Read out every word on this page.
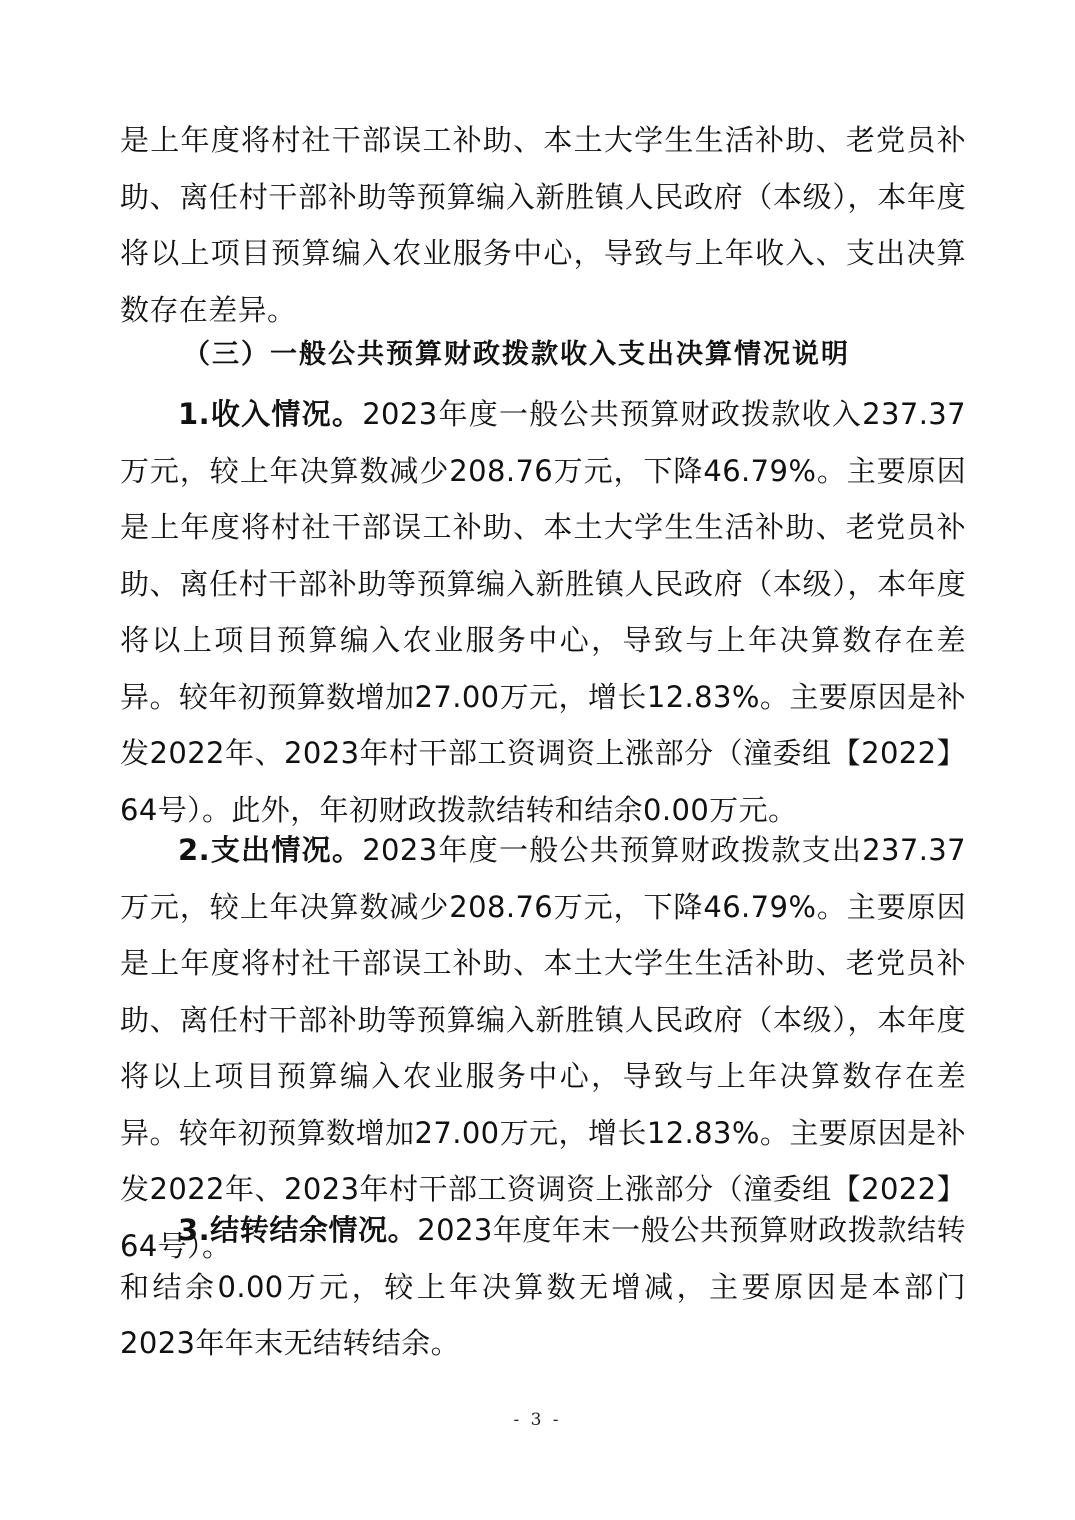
是上年度将村社干部误工补助、本土大学生生活补助、老党员补助、离任村干部补助等预算编入新胜镇人民政府（本级），本年度将以上项目预算编入农业服务中心，导致与上年收入、支出决算数存在差异。

（三）一般公共预算财政拨款收入支出决算情况说明

1.收入情况。2023年度一般公共预算财政拨款收入237.37万元，较上年决算数减少208.76万元，下降46.79%。主要原因是上年度将村社干部误工补助、本土大学生生活补助、老党员补助、离任村干部补助等预算编入新胜镇人民政府（本级），本年度将以上项目预算编入农业服务中心，导致与上年决算数存在差异。较年初预算数增加27.00万元，增长12.83%。主要原因是补发2022年、2023年村干部工资调资上涨部分（潼委组【2022】64号）。此外，年初财政拨款结转和结余0.00万元。

2.支出情况。2023年度一般公共预算财政拨款支出237.37万元，较上年决算数减少208.76万元，下降46.79%。主要原因是上年度将村社干部误工补助、本土大学生生活补助、老党员补助、离任村干部补助等预算编入新胜镇人民政府（本级），本年度将以上项目预算编入农业服务中心，导致与上年决算数存在差异。较年初预算数增加27.00万元，增长12.83%。主要原因是补发2022年、2023年村干部工资调资上涨部分（潼委组【2022】64号）。

3.结转结余情况。2023年度年末一般公共预算财政拨款结转和结余0.00万元，较上年决算数无增减，主要原因是本部门2023年年末无结转结余。

- 3 -
